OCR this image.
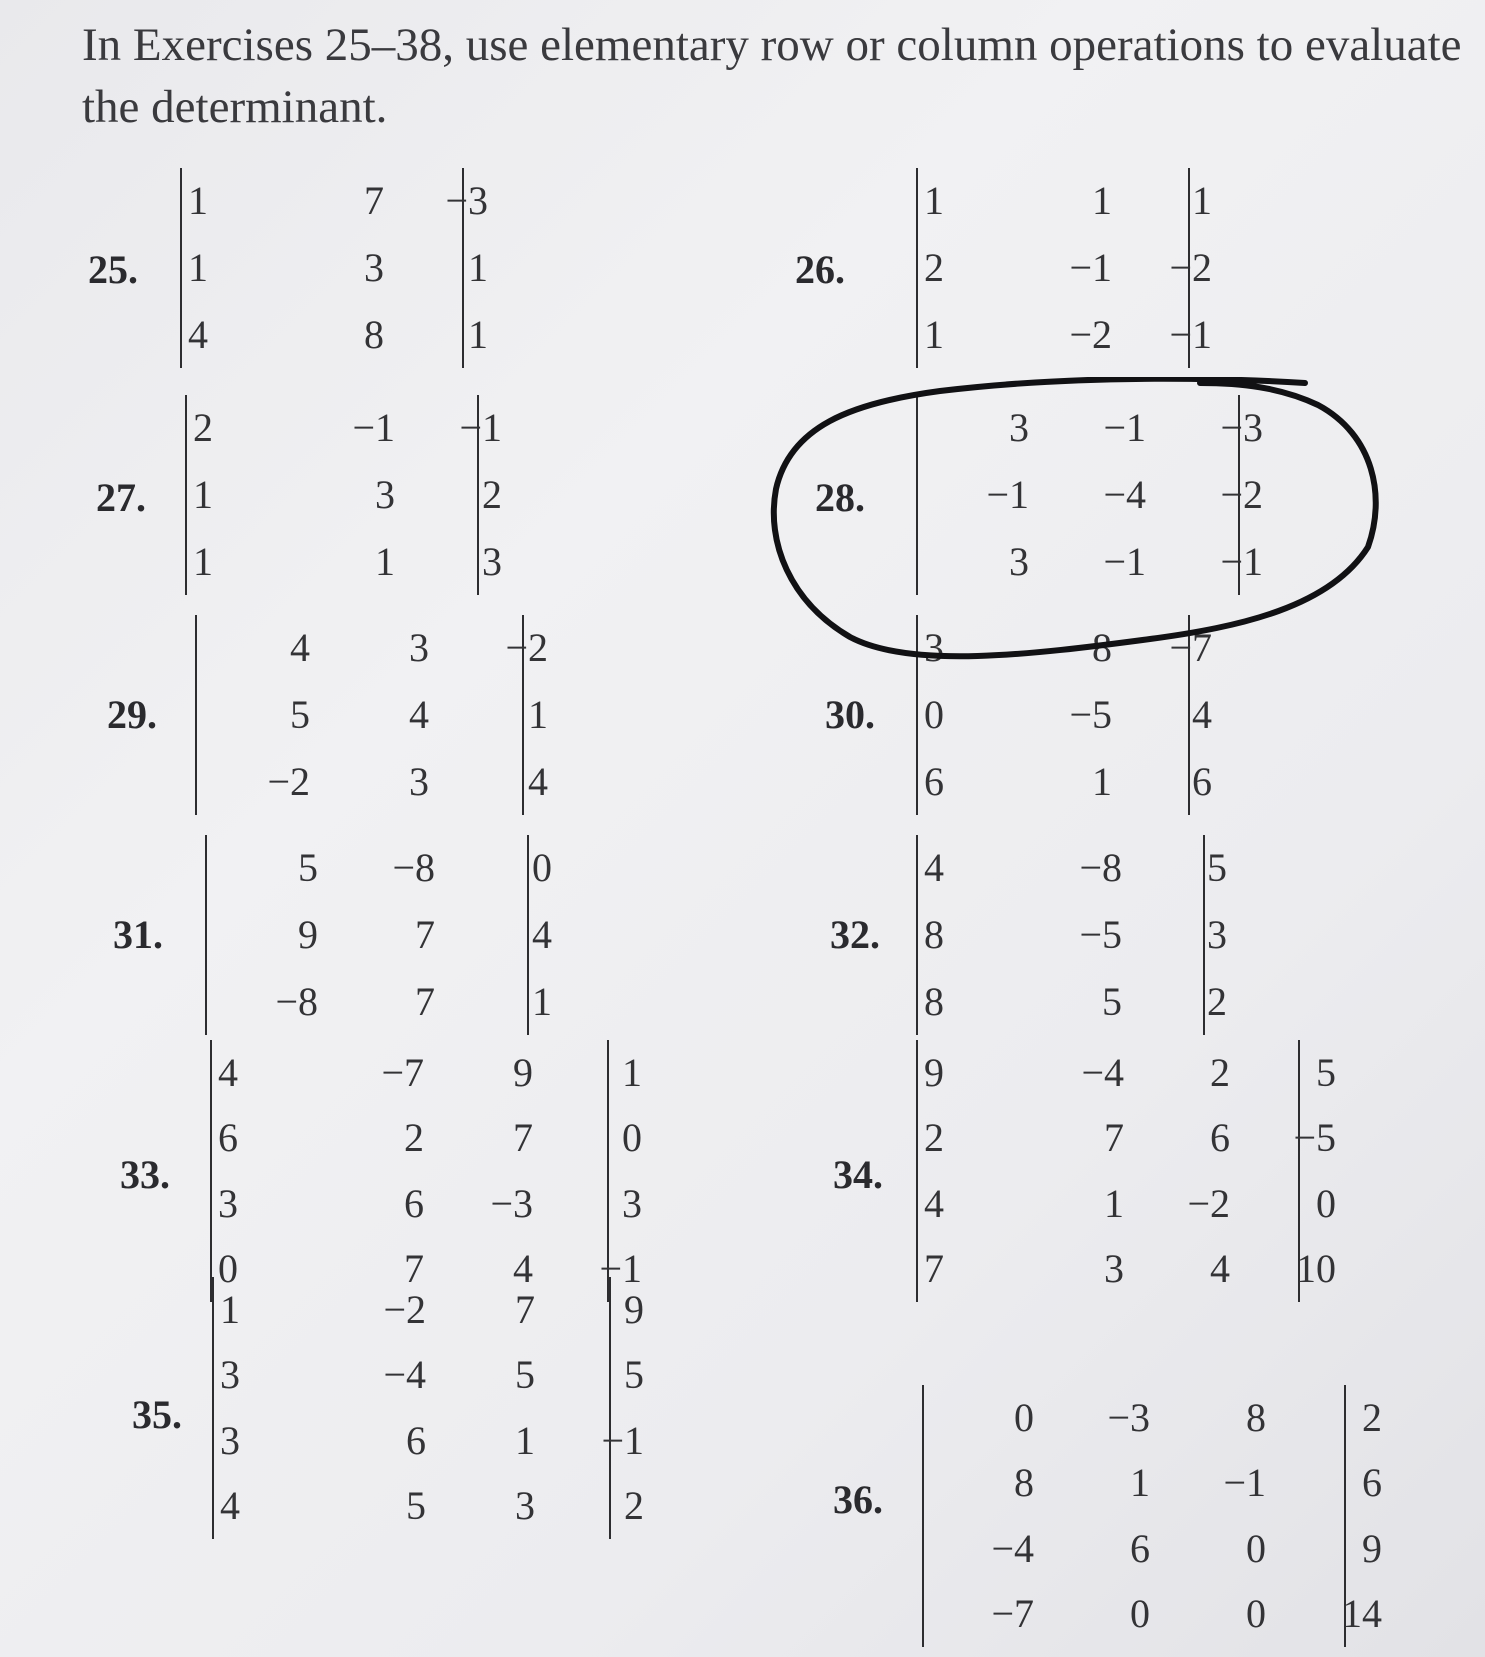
In Exercises 25–38, use elementary row or column operations to evaluate the determinant.
25.
1	7	−3
1	3	1
4	8	1
27.
2	−1	−1
1	3	2
1	1	3
29.
4	3	−2
5	4	1
−2	3	4
31.
5	−8	0
9	7	4
−8	7	1
33.
4	−7	9	1
6	2	7	0
3	6	−3	3
0	7	4	−1
35.
1	−2	7	9
3	−4	5	5
3	6	1	−1
4	5	3	2
26.
1	1	1
2	−1	−2
1	−2	−1
28.
3	−1	−3
−1	−4	−2
3	−1	−1
30.
3	8	−7
0	−5	4
6	1	6
32.
4	−8	5
8	−5	3
8	5	2
34.
9	−4	2	5
2	7	6	−5
4	1	−2	0
7	3	4	10
36.
0	−3	8	2
8	1	−1	6
−4	6	0	9
−7	0	0	14
